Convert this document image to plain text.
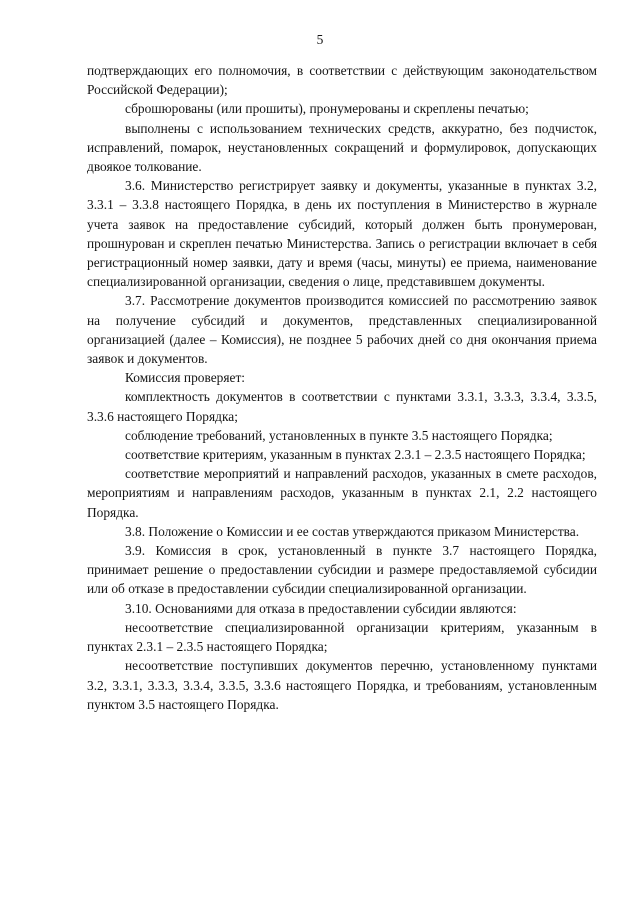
5

подтверждающих его полномочия, в соответствии с действующим законодательством Российской Федерации);

сброшюрованы (или прошиты), пронумерованы и скреплены печатью;

выполнены с использованием технических средств, аккуратно, без подчисток, исправлений, помарок, неустановленных сокращений и формулировок, допускающих двоякое толкование.

3.6. Министерство регистрирует заявку и документы, указанные в пунктах 3.2, 3.3.1 – 3.3.8 настоящего Порядка, в день их поступления в Министерство в журнале учета заявок на предоставление субсидий, который должен быть пронумерован, прошнурован и скреплен печатью Министерства. Запись о регистрации включает в себя регистрационный номер заявки, дату и время (часы, минуты) ее приема, наименование специализированной организации, сведения о лице, представившем документы.

3.7. Рассмотрение документов производится комиссией по рассмотрению заявок на получение субсидий и документов, представленных специализированной организацией (далее – Комиссия), не позднее 5 рабочих дней со дня окончания приема заявок и документов.

Комиссия проверяет:

комплектность документов в соответствии с пунктами 3.3.1, 3.3.3, 3.3.4, 3.3.5, 3.3.6 настоящего Порядка;

соблюдение требований, установленных в пункте 3.5 настоящего Порядка;

соответствие критериям, указанным в пунктах 2.3.1 – 2.3.5 настоящего Порядка;

соответствие мероприятий и направлений расходов, указанных в смете расходов, мероприятиям и направлениям расходов, указанным в пунктах 2.1, 2.2 настоящего Порядка.

3.8. Положение о Комиссии и ее состав утверждаются приказом Министерства.

3.9. Комиссия в срок, установленный в пункте 3.7 настоящего Порядка, принимает решение о предоставлении субсидии и размере предоставляемой субсидии или об отказе в предоставлении субсидии специализированной организации.

3.10. Основаниями для отказа в предоставлении субсидии являются:

несоответствие специализированной организации критериям, указанным в пунктах 2.3.1 – 2.3.5 настоящего Порядка;

несоответствие поступивших документов перечню, установленному пунктами 3.2, 3.3.1, 3.3.3, 3.3.4, 3.3.5, 3.3.6 настоящего Порядка, и требованиям, установленным пунктом 3.5 настоящего Порядка.
